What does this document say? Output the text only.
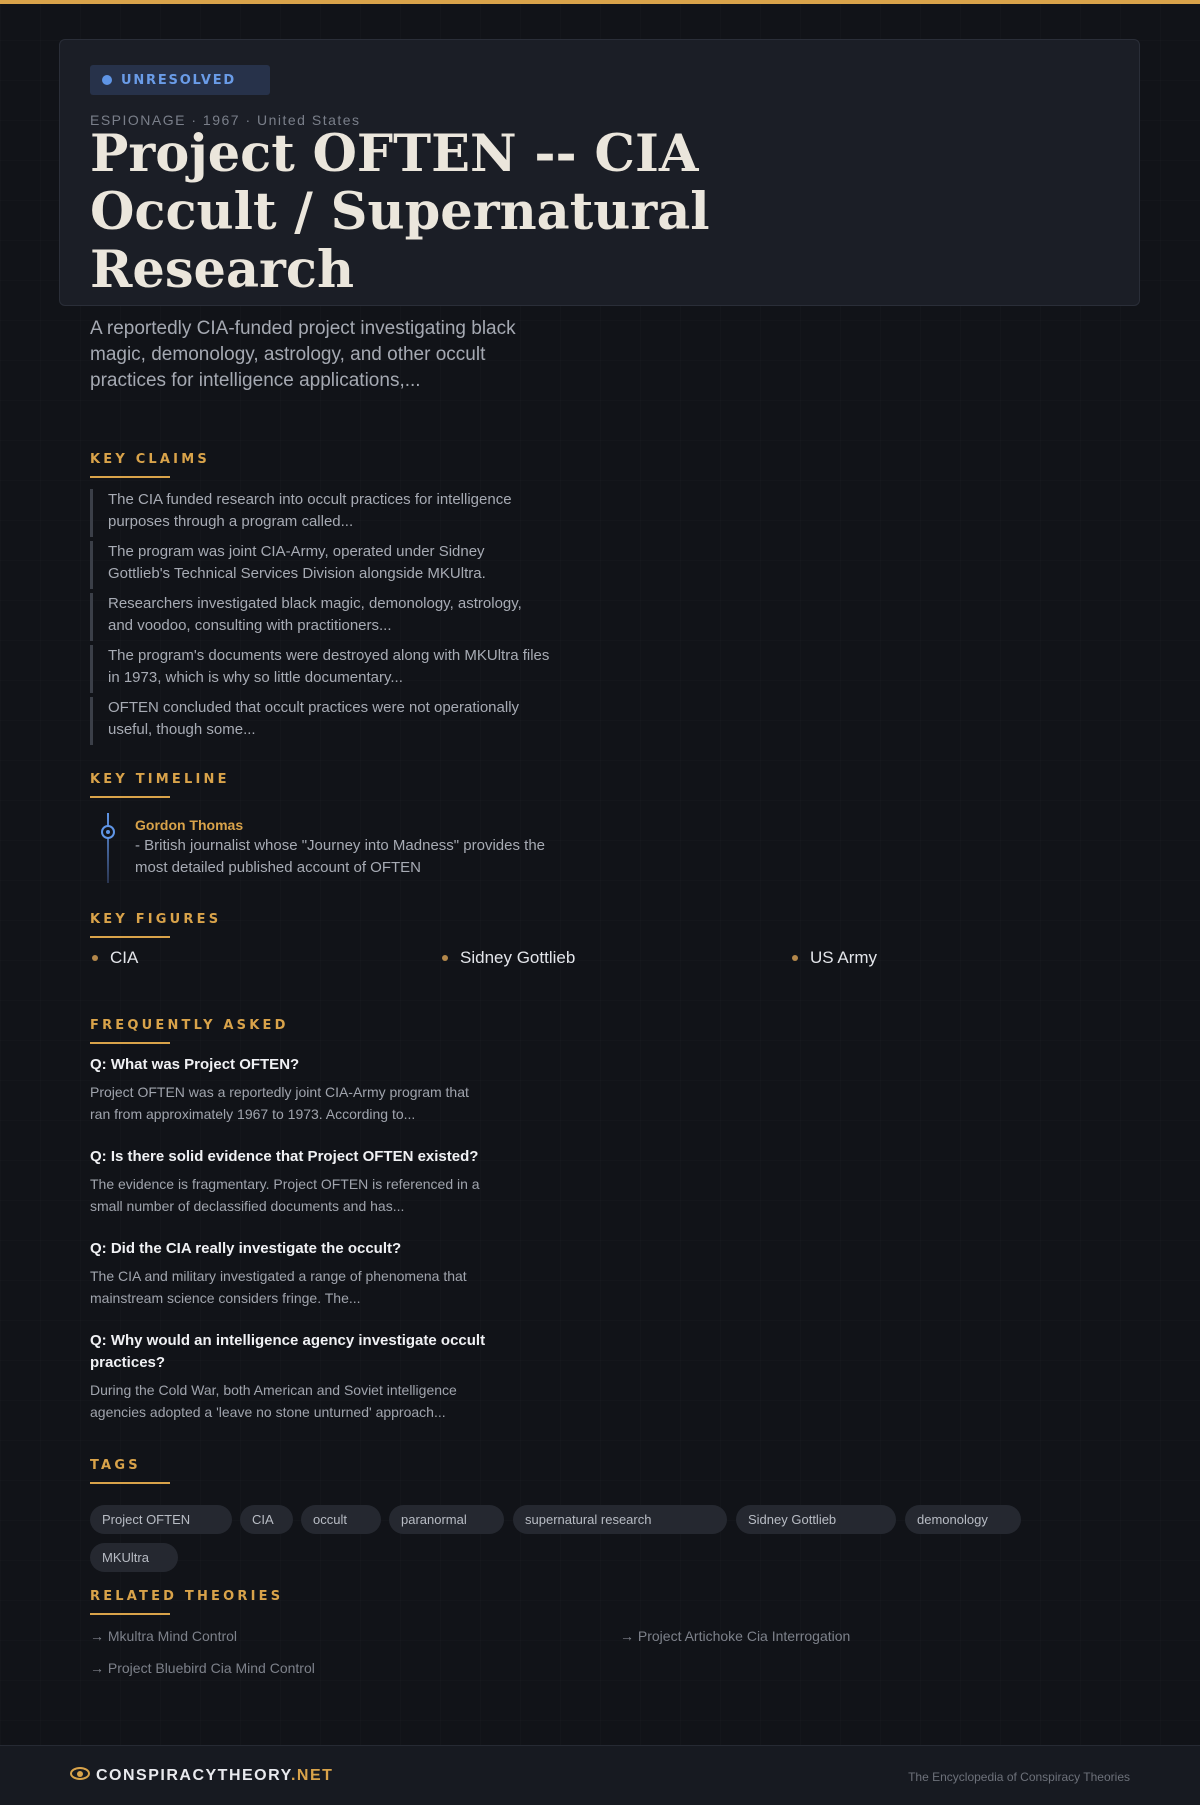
UNRESOLVED
ESPIONAGE · 1967 · United States
Project OFTEN -- CIA Occult / Supernatural Research

A reportedly CIA-funded project investigating black magic, demonology, astrology, and other occult practices for intelligence applications,...

KEY CLAIMS
The CIA funded research into occult practices for intelligence purposes through a program called...
The program was joint CIA-Army, operated under Sidney Gottlieb's Technical Services Division alongside MKUltra.
Researchers investigated black magic, demonology, astrology, and voodoo, consulting with practitioners...
The program's documents were destroyed along with MKUltra files in 1973, which is why so little documentary...
OFTEN concluded that occult practices were not operationally useful, though some...
KEY TIMELINE
Gordon Thomas
- British journalist whose "Journey into Madness" provides the most detailed published account of OFTEN
KEY FIGURES
CIA	Sidney Gottlieb	US Army
FREQUENTLY ASKED
Q: What was Project OFTEN?
Project OFTEN was a reportedly joint CIA-Army program that ran from approximately 1967 to 1973. According to...
Q: Is there solid evidence that Project OFTEN existed?
The evidence is fragmentary. Project OFTEN is referenced in a small number of declassified documents and has...
Q: Did the CIA really investigate the occult?
The CIA and military investigated a range of phenomena that mainstream science considers fringe. The...
Q: Why would an intelligence agency investigate occult practices?
During the Cold War, both American and Soviet intelligence agencies adopted a 'leave no stone unturned' approach...
TAGS
Project OFTEN	CIA	occult	paranormal	supernatural research	Sidney Gottlieb	demonology
MKUltra
RELATED THEORIES
→ Mkultra Mind Control	→ Project Artichoke Cia Interrogation
→ Project Bluebird Cia Mind Control
CONSPIRACYTHEORY.NET	The Encyclopedia of Conspiracy Theories
